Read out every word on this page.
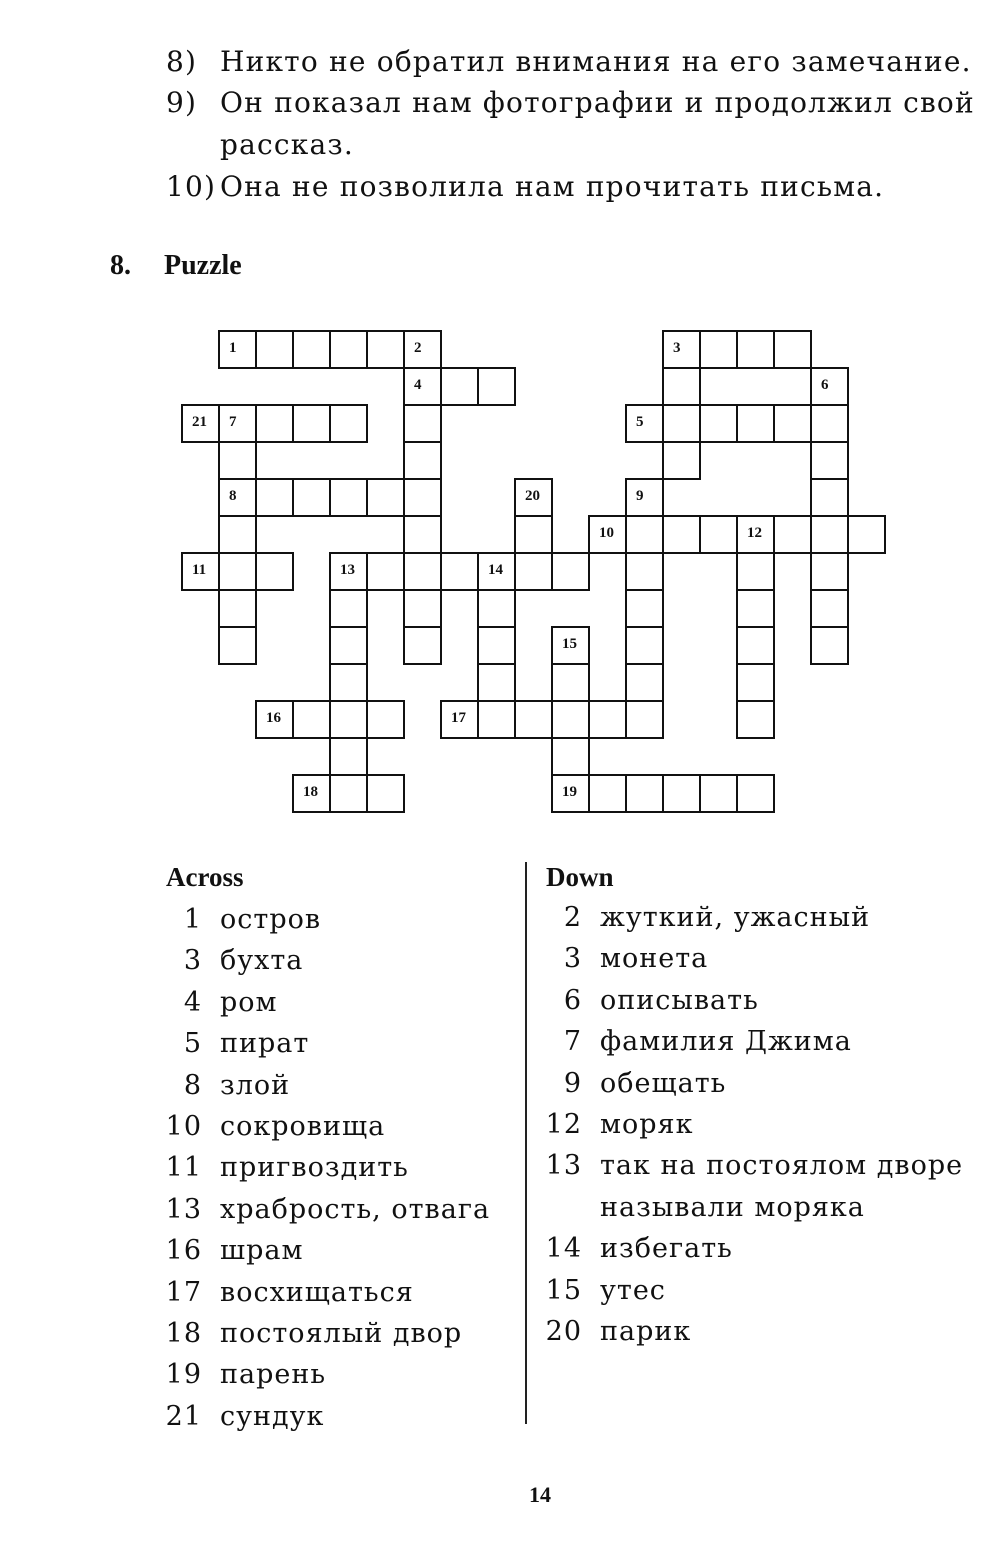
8) Никто не обратил внимания на его замечание.
9) Он показал нам фотографии и продолжил свой
рассказ.
10) Она не позволила нам прочитать письма.
8. Puzzle
1	2
4
3
21 7	5
6
8	20
10	12
9
11	13	14
15
19
16	17
18
Across
1 остров
3 бухта
4 ром
5 пират
8 злой
10 сокровища
11 пригвоздить
13 храбрость, отвага
16 шрам
17 восхищаться
18 постоялый двор
19 парень
21 сундук
Down
2 жуткий, ужасный
3 монета
6 описывать
7 фамилия Джима
9 обещать
12 моряк
13 так на постоялом дворе
называли моряка
14 избегать
15 утес
20 парик
14
